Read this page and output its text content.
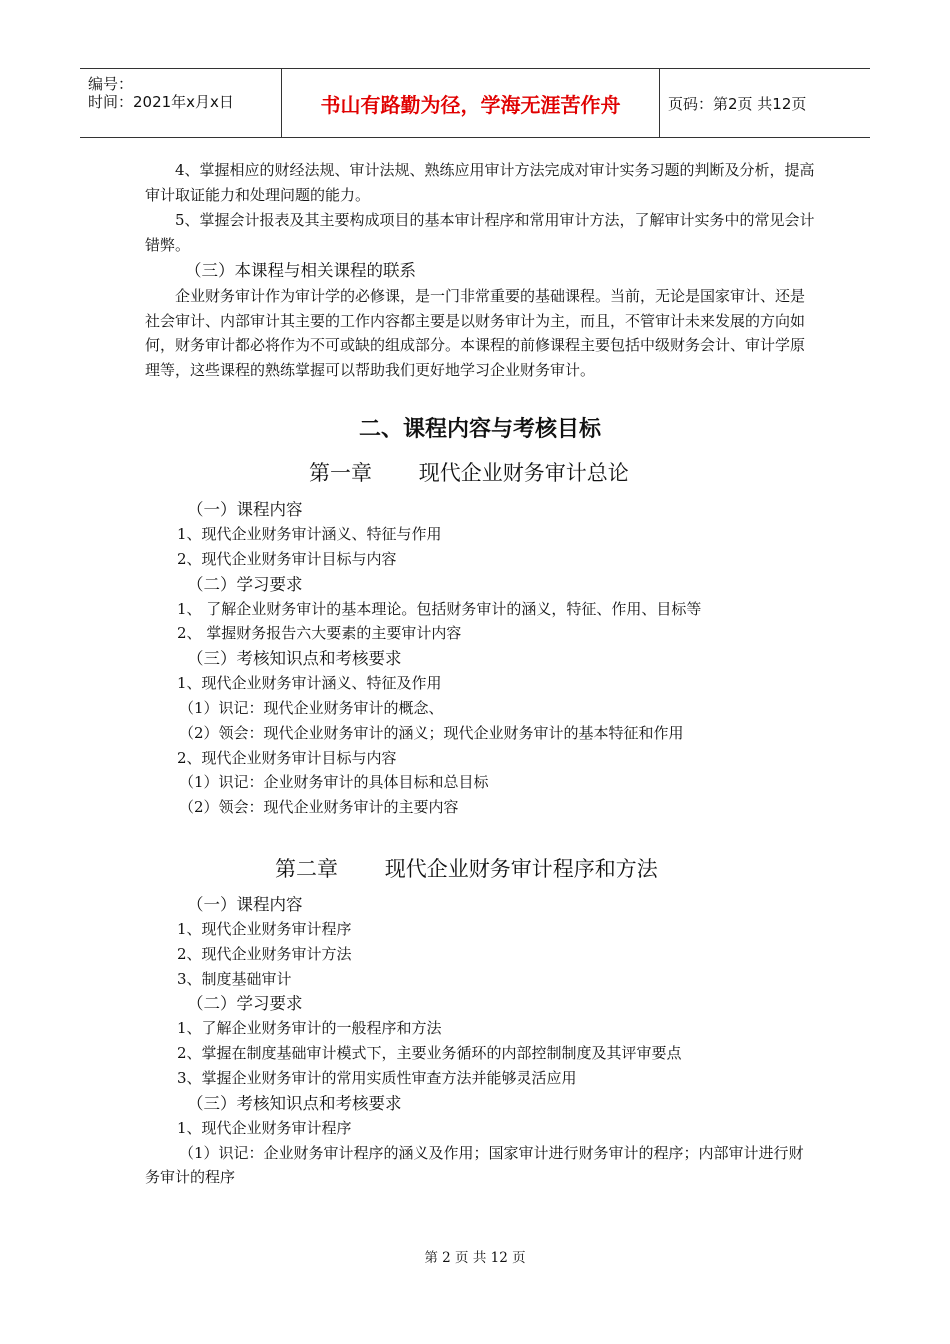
编号：
时间：2021年x月x日	书山有路勤为径，学海无涯苦作舟	页码：第2页 共12页

4、掌握相应的财经法规、审计法规、熟练应用审计方法完成对审计实务习题的判断及分析，提高审计取证能力和处理问题的能力。

5、掌握会计报表及其主要构成项目的基本审计程序和常用审计方法，了解审计实务中的常见会计错弊。

（三）本课程与相关课程的联系

企业财务审计作为审计学的必修课，是一门非常重要的基础课程。当前，无论是国家审计、还是社会审计、内部审计其主要的工作内容都主要是以财务审计为主，而且，不管审计未来发展的方向如何，财务审计都必将作为不可或缺的组成部分。本课程的前修课程主要包括中级财务会计、审计学原理等，这些课程的熟练掌握可以帮助我们更好地学习企业财务审计。

二、课程内容与考核目标

第一章       现代企业财务审计总论

（一）课程内容

1、现代企业财务审计涵义、特征与作用

2、现代企业财务审计目标与内容

（二）学习要求

1、 了解企业财务审计的基本理论。包括财务审计的涵义，特征、作用、目标等

2、 掌握财务报告六大要素的主要审计内容

（三）考核知识点和考核要求

1、现代企业财务审计涵义、特征及作用

（1）识记：现代企业财务审计的概念、

（2）领会：现代企业财务审计的涵义；现代企业财务审计的基本特征和作用

2、现代企业财务审计目标与内容

（1）识记：企业财务审计的具体目标和总目标

（2）领会：现代企业财务审计的主要内容

第二章       现代企业财务审计程序和方法

（一）课程内容

1、现代企业财务审计程序

2、现代企业财务审计方法

3、制度基础审计

（二）学习要求

1、了解企业财务审计的一般程序和方法

2、掌握在制度基础审计模式下，主要业务循环的内部控制制度及其评审要点

3、掌握企业财务审计的常用实质性审查方法并能够灵活应用

（三）考核知识点和考核要求

1、现代企业财务审计程序

（1）识记：企业财务审计程序的涵义及作用；国家审计进行财务审计的程序；内部审计进行财务审计的程序

第 2 页 共 12 页
